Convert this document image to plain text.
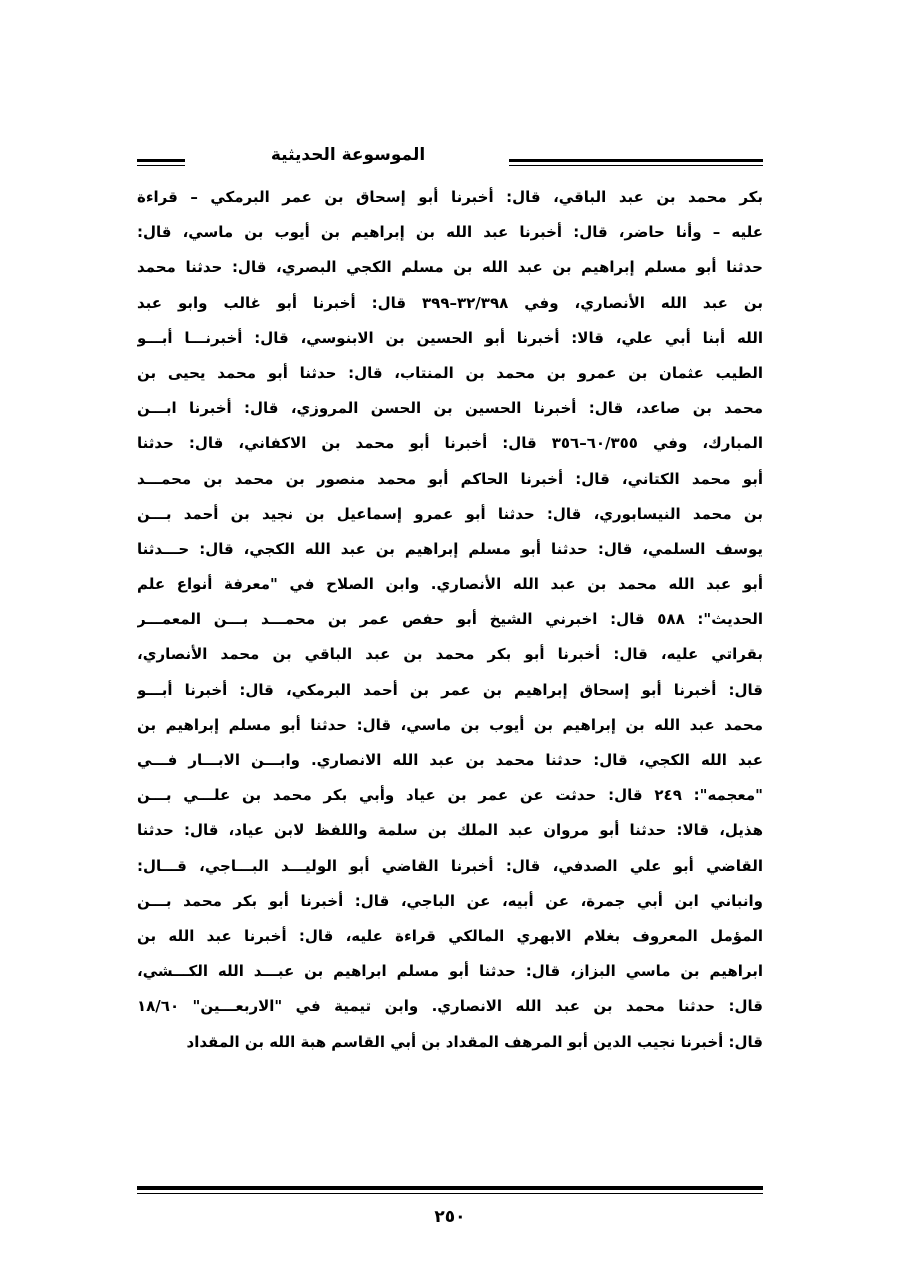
الموسوعة الحديثية
بكر محمد بن عبد الباقي، قال: أخبرنا أبو إسحاق بن عمر البرمكي – قراءة
عليه – وأنا حاضر، قال: أخبرنا عبد الله بن إبراهيم بن أيوب بن ماسي، قال:
حدثنا أبو مسلم إبراهيم بن عبد الله بن مسلم الكجي البصري، قال: حدثنا محمد
بن عبد الله الأنصاري، وفي ٣٢/٣٩٨–٣٩٩ قال: أخبرنا أبو غالب وابو عبد
الله أبنا أبي علي، قالا: أخبرنا أبو الحسين بن الابنوسي، قال: أخبرنـــا أبـــو
الطيب عثمان بن عمرو بن محمد بن المنتاب، قال: حدثنا أبو محمد يحيى بن
محمد بن صاعد، قال: أخبرنا الحسين بن الحسن المروزي، قال: أخبرنا ابـــن
المبارك، وفي ٦٠/٣٥٥–٣٥٦ قال: أخبرنا أبو محمد بن الاكفاني، قال: حدثنا
أبو محمد الكتاني، قال: أخبرنا الحاكم أبو محمد منصور بن محمد بن محمـــد
بن محمد النيسابوري، قال: حدثنا أبو عمرو إسماعيل بن نجيد بن أحمد بـــن
يوسف السلمي، قال: حدثنا أبو مسلم إبراهيم بن عبد الله الكجي، قال: حـــدثنا
أبو عبد الله محمد بن عبد الله الأنصاري. وابن الصلاح في "معرفة أنواع علم
الحديث": ٥٨٨ قال: اخبرني الشيخ أبو حفص عمر بن محمـــد بـــن المعمـــر
بقراتي عليه، قال: أخبرنا أبو بكر محمد بن عبد الباقي بن محمد الأنصاري،
قال: أخبرنا أبو إسحاق إبراهيم بن عمر بن أحمد البرمكي، قال: أخبرنا أبـــو
محمد عبد الله بن إبراهيم بن أيوب بن ماسي، قال: حدثنا أبو مسلم إبراهيم بن
عبد الله الكجي، قال: حدثنا محمد بن عبد الله الانصاري. وابـــن الابـــار فـــي
"معجمه": ٢٤٩ قال: حدثت عن عمر بن عياد وأبي بكر محمد بن علـــي بـــن
هذيل، قالا: حدثنا أبو مروان عبد الملك بن سلمة واللفظ لابن عياد، قال: حدثنا
القاضي أبو علي الصدفي، قال: أخبرنا القاضي أبو الوليـــد البـــاجي، قـــال:
وانباني ابن أبي جمرة، عن أبيه، عن الباجي، قال: أخبرنا أبو بكر محمد بـــن
المؤمل المعروف بغلام الابهري المالكي قراءة عليه، قال: أخبرنا عبد الله بن
ابراهيم بن ماسي البزاز، قال: حدثنا أبو مسلم ابراهيم بن عبـــد الله الكـــشي،
قال: حدثنا محمد بن عبد الله الانصاري. وابن تيمية في "الاربعـــين" ١٨/٦٠
قال: أخبرنا نجيب الدين أبو المرهف المقداد بن أبي القاسم هبة الله بن المقداد
٢٥٠
